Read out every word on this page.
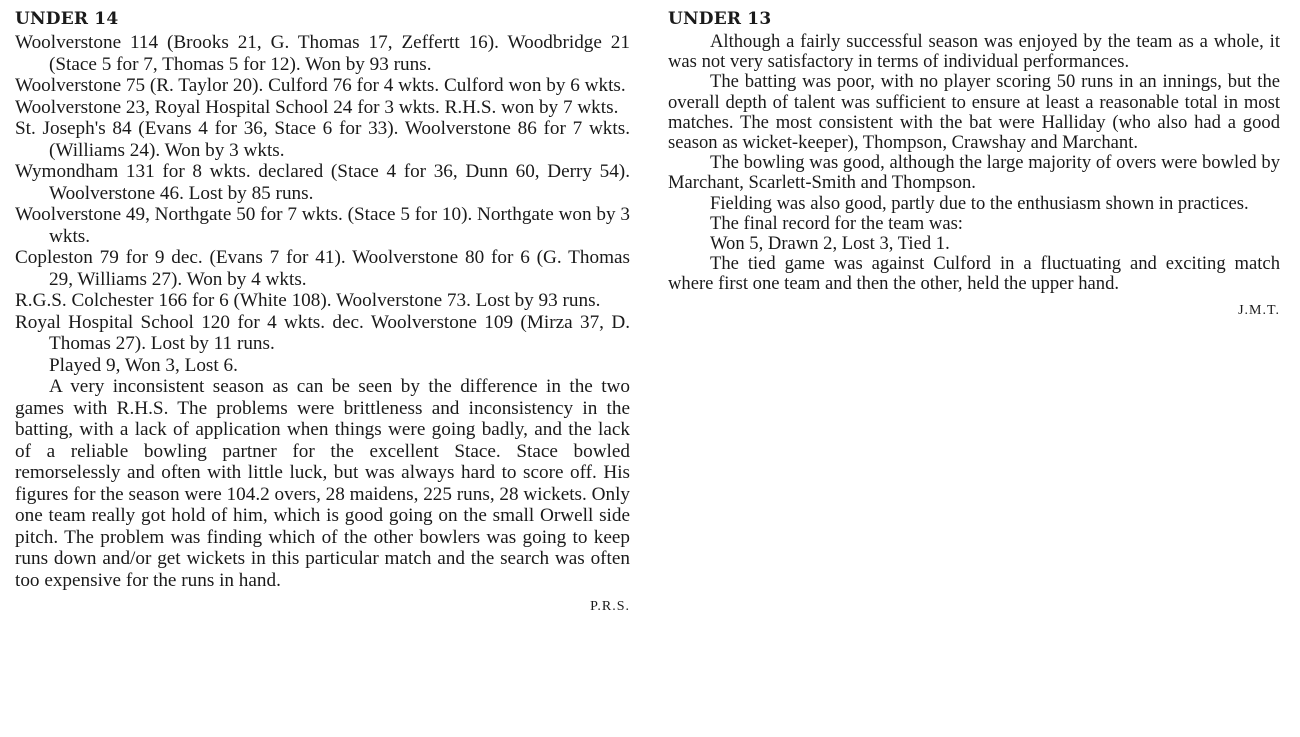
UNDER 14

Woolverstone 114 (Brooks 21, G. Thomas 17, Zeffertt 16). Woodbridge 21 (Stace 5 for 7, Thomas 5 for 12). Won by 93 runs.

Woolverstone 75 (R. Taylor 20). Culford 76 for 4 wkts. Culford won by 6 wkts.

Woolverstone 23, Royal Hospital School 24 for 3 wkts. R.H.S. won by 7 wkts.

St. Joseph's 84 (Evans 4 for 36, Stace 6 for 33). Woolverstone 86 for 7 wkts. (Williams 24). Won by 3 wkts.

Wymondham 131 for 8 wkts. declared (Stace 4 for 36, Dunn 60, Derry 54). Woolverstone 46. Lost by 85 runs.

Woolverstone 49, Northgate 50 for 7 wkts. (Stace 5 for 10). Northgate won by 3 wkts.

Copleston 79 for 9 dec. (Evans 7 for 41). Woolverstone 80 for 6 (G. Thomas 29, Williams 27). Won by 4 wkts.

R.G.S. Colchester 166 for 6 (White 108). Woolverstone 73. Lost by 93 runs.

Royal Hospital School 120 for 4 wkts. dec. Woolverstone 109 (Mirza 37, D. Thomas 27). Lost by 11 runs.

Played 9, Won 3, Lost 6.

A very inconsistent season as can be seen by the difference in the two games with R.H.S. The problems were brittleness and inconsistency in the batting, with a lack of application when things were going badly, and the lack of a reliable bowling partner for the excellent Stace. Stace bowled remorselessly and often with little luck, but was always hard to score off. His figures for the season were 104.2 overs, 28 maidens, 225 runs, 28 wickets. Only one team really got hold of him, which is good going on the small Orwell side pitch. The problem was finding which of the other bowlers was going to keep runs down and/or get wickets in this particular match and the search was often too expensive for the runs in hand.

P.R.S.
UNDER 13

Although a fairly successful season was enjoyed by the team as a whole, it was not very satisfactory in terms of individual performances.

The batting was poor, with no player scoring 50 runs in an innings, but the overall depth of talent was sufficient to ensure at least a reasonable total in most matches. The most consistent with the bat were Halliday (who also had a good season as wicket-keeper), Thompson, Crawshay and Marchant.

The bowling was good, although the large majority of overs were bowled by Marchant, Scarlett-Smith and Thompson.

Fielding was also good, partly due to the enthusiasm shown in practices.

The final record for the team was:

Won 5, Drawn 2, Lost 3, Tied 1.

The tied game was against Culford in a fluctuating and exciting match where first one team and then the other, held the upper hand.

J.M.T.
